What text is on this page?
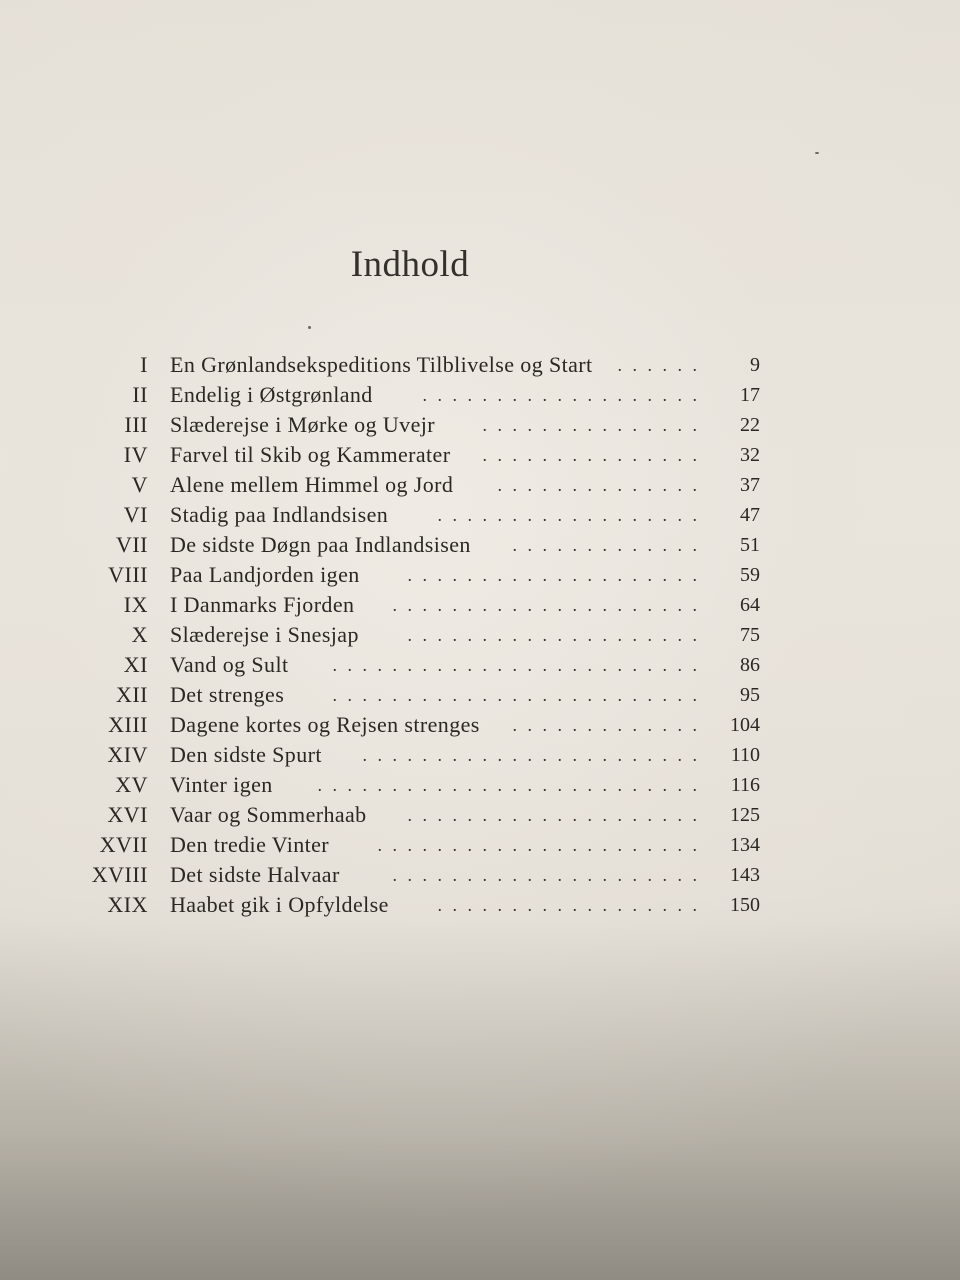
Indhold
I En Grønlandsekspeditions Tilblivelse og Start	. . . . . .	9
II Endelig i Østgrønland	. . . . . . . . . . . . . . . . . . .	17
III Slæderejse i Mørke og Uvejr	. . . . . . . . . . . . . . .	22
IV Farvel til Skib og Kammerater	. . . . . . . . . . . . . . .	32
V Alene mellem Himmel og Jord	. . . . . . . . . . . . . .	37
VI Stadig paa Indlandsisen	. . . . . . . . . . . . . . . . . .	47
VII De sidste Døgn paa Indlandsisen	. . . . . . . . . . . . .	51
VIII Paa Landjorden igen	. . . . . . . . . . . . . . . . . . . .	59
IX I Danmarks Fjorden	. . . . . . . . . . . . . . . . . . . . .	64
X Slæderejse i Snesjap	. . . . . . . . . . . . . . . . . . . .	75
XI Vand og Sult	. . . . . . . . . . . . . . . . . . . . . . . . .	86
XII Det strenges	. . . . . . . . . . . . . . . . . . . . . . . . .	95
XIII Dagene kortes og Rejsen strenges	. . . . . . . . . . . . .	104
XIV Den sidste Spurt	. . . . . . . . . . . . . . . . . . . . . . .	110
XV Vinter igen	. . . . . . . . . . . . . . . . . . . . . . . . . .	116
XVI Vaar og Sommerhaab	. . . . . . . . . . . . . . . . . . . .	125
XVII Den tredie Vinter	. . . . . . . . . . . . . . . . . . . . . .	134
XVIII Det sidste Halvaar	. . . . . . . . . . . . . . . . . . . . .	143
XIX Haabet gik i Opfyldelse	. . . . . . . . . . . . . . . . . .	150
